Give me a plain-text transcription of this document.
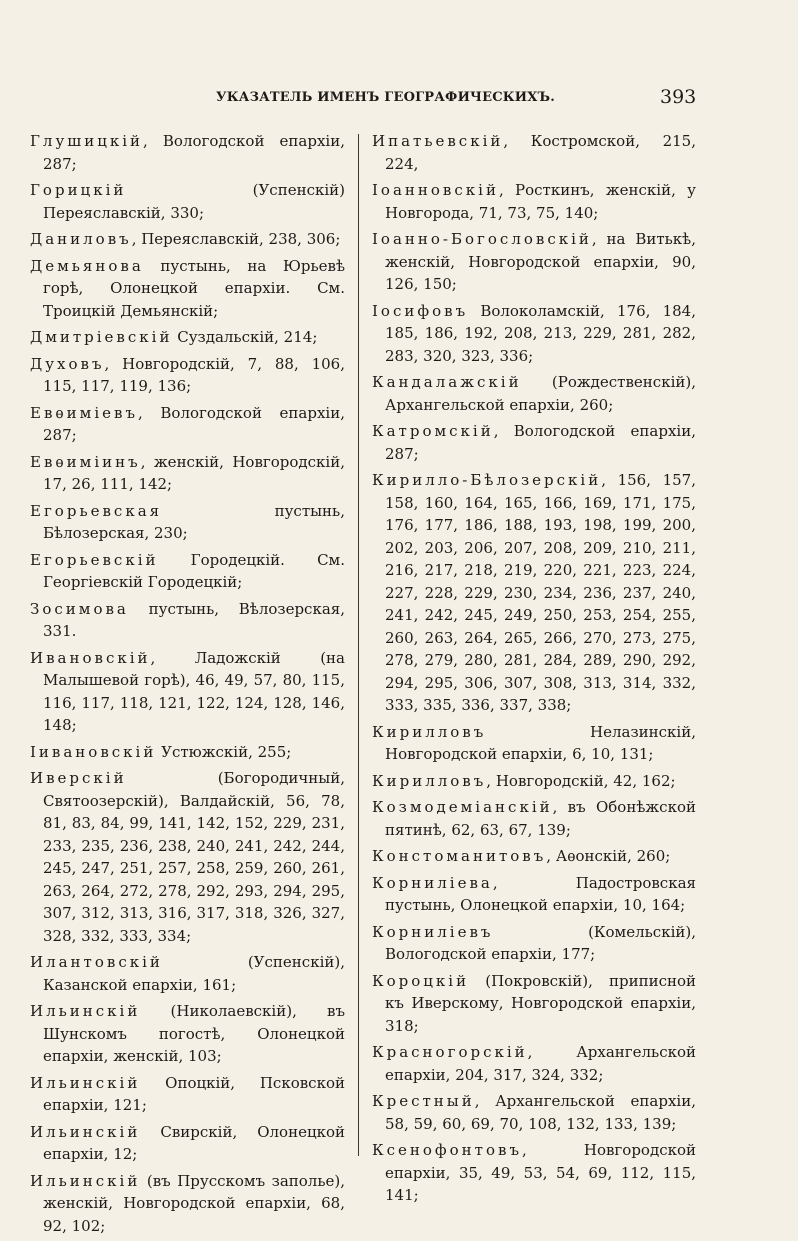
УКАЗАТЕЛЬ ИМЕНЪ ГЕОГРАФИЧЕСКИХЪ.	393

Глушицкій, Вологодской епархіи, 287;

Горицкій (Успенскій) Переяславскій, 330;

Даниловъ, Переяславскій, 238, 306;

Демьянова пустынь, на Юрьевѣ горѣ, Олонецкой епархіи. См. Троицкій Демьянскій;

Дмитріевскій Суздальскій, 214;

Духовъ, Новгородскій, 7, 88, 106, 115, 117, 119, 136;

Евѳиміевъ, Вологодской епархіи, 287;

Евѳиміинъ, женскій, Новгородскій, 17, 26, 111, 142;

Егорьевская пустынь, Бѣлозерская, 230;

Егорьевскій Городецкій. См. Георгіевскій Городецкій;

Зосимова пустынь, Вѣлозерская, 331.

Ивановскій, Ладожскій (на Малышевой горѣ), 46, 49, 57, 80, 115, 116, 117, 118, 121, 122, 124, 128, 146, 148;

Іивановскій Устюжскій, 255;

Иверскій (Богородичный, Святоозерскій), Валдайскій, 56, 78, 81, 83, 84, 99, 141, 142, 152, 229, 231, 233, 235, 236, 238, 240, 241, 242, 244, 245, 247, 251, 257, 258, 259, 260, 261, 263, 264, 272, 278, 292, 293, 294, 295, 307, 312, 313, 316, 317, 318, 326, 327, 328, 332, 333, 334;

Илантовскій (Успенскій), Казанской епархіи, 161;

Ильинскій (Николаевскій), въ Шунскомъ погостѣ, Олонецкой епархіи, женскій, 103;

Ильинскій Опоцкій, Псковской епархіи, 121;

Ильинскій Свирскій, Олонецкой епархіи, 12;

Ильинскій (въ Прусскомъ заполье), женскій, Новгородской епархіи, 68, 92, 102;

Ипатьевскій, Костромской, 215, 224,

Іоанновскій, Росткинъ, женскій, у Новгорода, 71, 73, 75, 140;

Іоанно-Богословскій, на Витькѣ, женскій, Новгородской епархіи, 90, 126, 150;

Іосифовъ Волоколамскій, 176, 184, 185, 186, 192, 208, 213, 229, 281, 282, 283, 320, 323, 336;

Кандалажскій (Рождественскій), Архангельской епархіи, 260;

Катромскій, Вологодской епархіи, 287;

Кирилло-Бѣлозерскій, 156, 157, 158, 160, 164, 165, 166, 169, 171, 175, 176, 177, 186, 188, 193, 198, 199, 200, 202, 203, 206, 207, 208, 209, 210, 211, 216, 217, 218, 219, 220, 221, 223, 224, 227, 228, 229, 230, 234, 236, 237, 240, 241, 242, 245, 249, 250, 253, 254, 255, 260, 263, 264, 265, 266, 270, 273, 275, 278, 279, 280, 281, 284, 289, 290, 292, 294, 295, 306, 307, 308, 313, 314, 332, 333, 335, 336, 337, 338;

Кирилловъ Нелазинскій, Новгородской епархіи, 6, 10, 131;

Кирилловъ, Новгородскій, 42, 162;

Козмодеміанскій, въ Обонѣжской пятинѣ, 62, 63, 67, 139;

Констоманитовъ, Аѳонскій, 260;

Корнилiева, Падостровская пустынь, Олонецкой епархіи, 10, 164;

Корниліевъ (Комельскій), Вологодской епархіи, 177;

Короцкій (Покровскій), приписной къ Иверскому, Новгородской епархіи, 318;

Красногорскій, Архангельской епархіи, 204, 317, 324, 332;

Крестный, Архангельской епархіи, 58, 59, 60, 69, 70, 108, 132, 133, 139;

Ксенофонтовъ, Новгородской епархіи, 35, 49, 53, 54, 69, 112, 115, 141;
